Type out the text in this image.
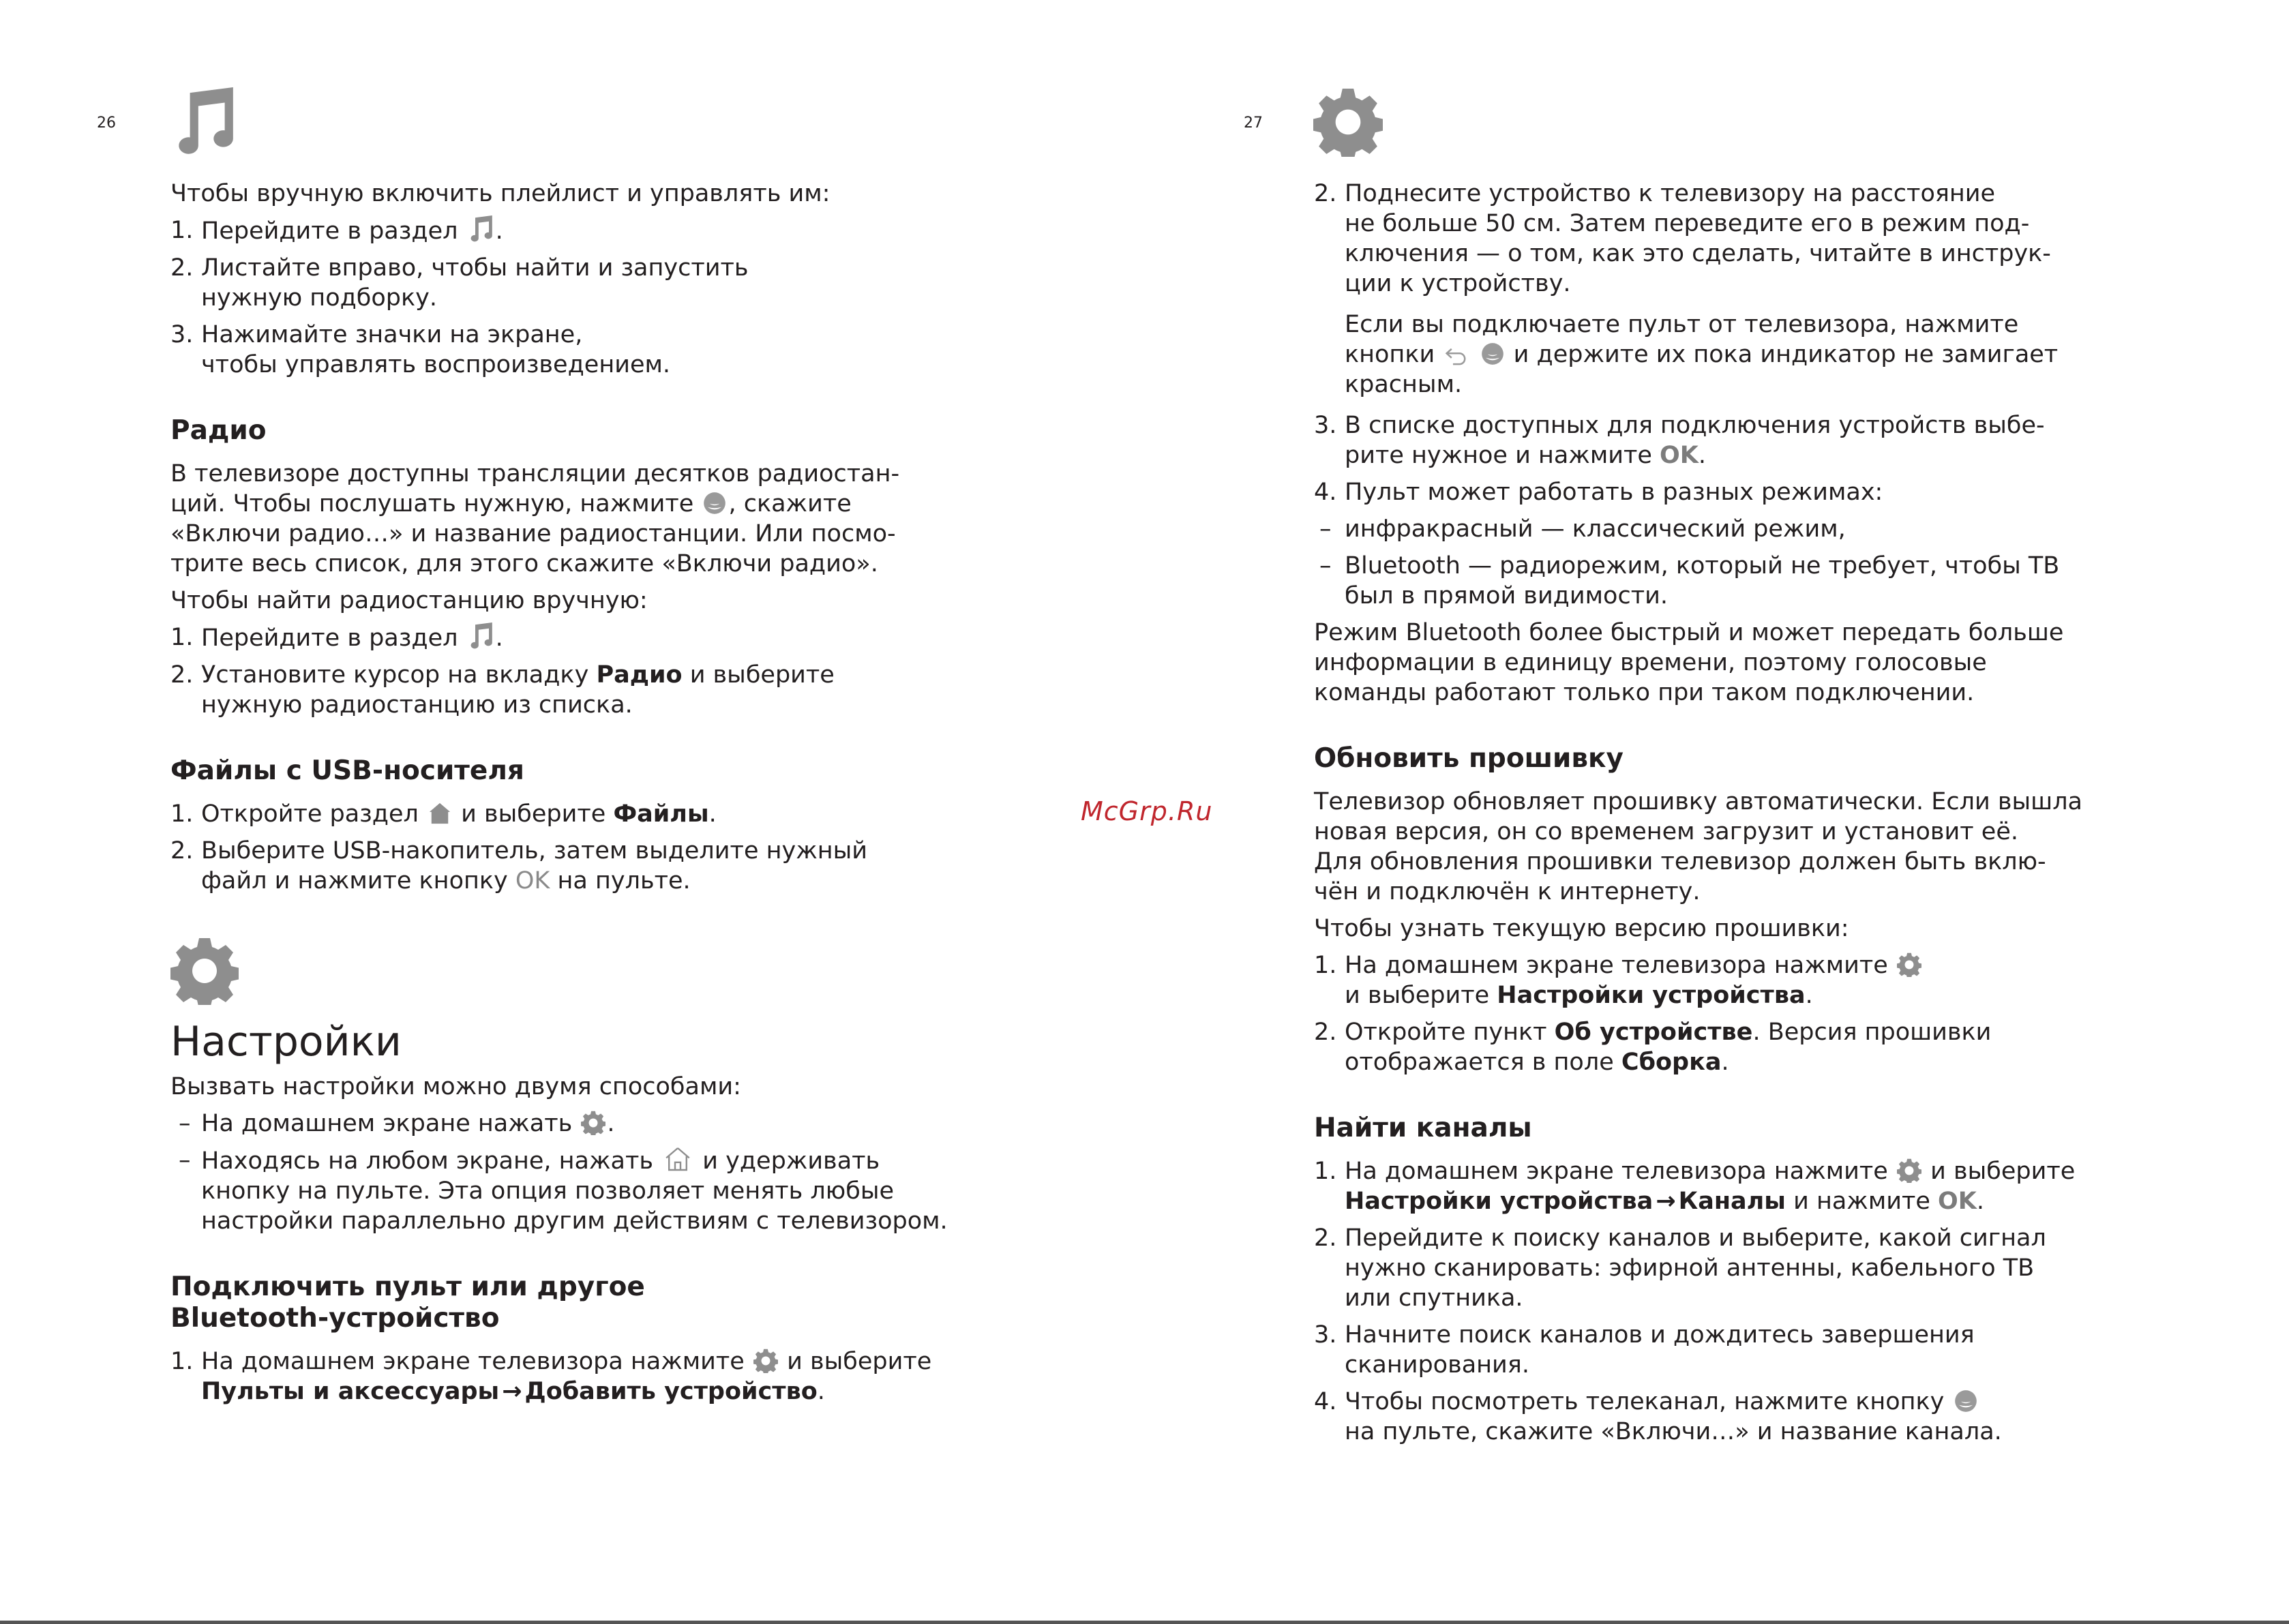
26

Чтобы вручную включить плейлист и управлять им:

1. Перейдите в раздел .
2. Листайте вправо, чтобы найти и запустить
нужную подборку.
3. Нажимайте значки на экране,
чтобы управлять воспроизведением.
Радио

В телевизоре доступны трансляции десятков радиостан-
ций. Чтобы послушать нужную, нажмите , скажите
«Включи радио…» и название радиостанции. Или посмо-
трите весь список, для этого скажите «Включи радио».

Чтобы найти радиостанцию вручную:

1. Перейдите в раздел .
2. Установите курсор на вкладку Радио и выберите
нужную радиостанцию из списка.
Файлы с USB-носителя
1. Откройте раздел и выберите Файлы.
2. Выберите USB-накопитель, затем выделите нужный
файл и нажмите кнопку OK на пульте.
Настройки

Вызвать настройки можно двумя способами:

– На домашнем экране нажать .
– Находясь на любом экране, нажать и удерживать
кнопку на пульте. Эта опция позволяет менять любые
настройки параллельно другим действиям с телевизором.
Подключить пульт или другое
Bluetooth-устройство
1. На домашнем экране телевизора нажмите и выберите
Пульты и аксессуары → Добавить устройство.
McGrp.Ru
27
2. Поднесите устройство к телевизору на расстояние
не больше 50 см. Затем переведите его в режим под-
ключения — о том, как это сделать, читайте в инструк-
ции к устройству.
Если вы подключаете пульт от телевизора, нажмите
кнопки	и держите их пока индикатор не замигает
красным.
3. В списке доступных для подключения устройств выбе-
рите нужное и нажмите OK.
4. Пульт может работать в разных режимах:
– инфракрасный — классический режим,
– Bluetooth — радиорежим, который не требует, чтобы ТВ
был в прямой видимости.

Режим Bluetooth более быстрый и может передать больше
информации в единицу времени, поэтому голосовые
команды работают только при таком подключении.

Обновить прошивку

Телевизор обновляет прошивку автоматически. Если вышла
новая версия, он со временем загрузит и установит её.
Для обновления прошивки телевизор должен быть вклю-
чён и подключён к интернету.

Чтобы узнать текущую версию прошивки:

1. На домашнем экране телевизора нажмите
и выберите Настройки устройства.
2. Откройте пункт Об устройстве. Версия прошивки
отображается в поле Сборка.
Найти каналы
1. На домашнем экране телевизора нажмите и выберите
Настройки устройства → Каналы и нажмите OK.
2. Перейдите к поиску каналов и выберите, какой сигнал
нужно сканировать: эфирной антенны, кабельного ТВ
или спутника.
3. Начните поиск каналов и дождитесь завершения
сканирования.
4. Чтобы посмотреть телеканал, нажмите кнопку
на пульте, скажите «Включи…» и название канала.
